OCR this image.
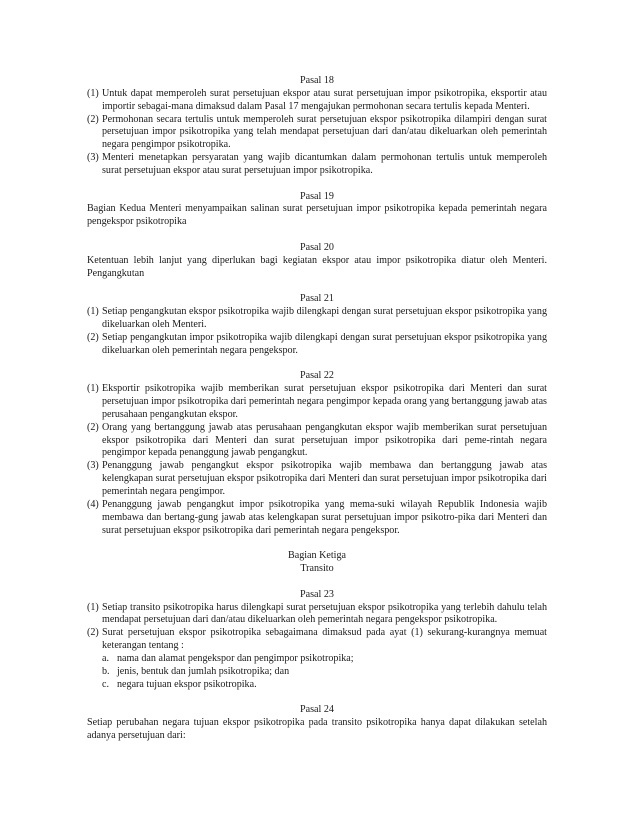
Pasal 18
(1) Untuk dapat memperoleh surat persetujuan ekspor atau surat persetujuan impor psikotropika, eksportir atau importir sebagai-mana dimaksud dalam Pasal 17 mengajukan permohonan secara tertulis kepada Menteri.
(2) Permohonan secara tertulis untuk memperoleh surat persetujuan ekspor psikotropika dilampiri dengan surat persetujuan impor psikotropika yang telah mendapat persetujuan dari dan/atau dikeluarkan oleh pemerintah negara pengimpor psikotropika.
(3) Menteri menetapkan persyaratan yang wajib dicantumkan dalam permohonan tertulis untuk memperoleh surat persetujuan ekspor atau surat persetujuan impor psikotropika.
Pasal 19
Bagian Kedua Menteri menyampaikan salinan surat persetujuan impor psikotropika kepada pemerintah negara pengekspor psikotropika
Pasal 20
Ketentuan lebih lanjut yang diperlukan bagi kegiatan ekspor atau impor psikotropika diatur oleh Menteri. Pengangkutan
Pasal 21
(1) Setiap pengangkutan ekspor psikotropika wajib dilengkapi dengan surat persetujuan ekspor psikotropika yang dikeluarkan oleh Menteri.
(2) Setiap pengangkutan impor psikotropika wajib dilengkapi dengan surat persetujuan ekspor psikotropika yang dikeluarkan oleh pemerintah negara pengekspor.
Pasal 22
(1) Eksportir psikotropika wajib memberikan surat persetujuan ekspor psikotropika dari Menteri dan surat persetujuan impor psikotropika dari pemerintah negara pengimpor kepada orang yang bertanggung jawab atas perusahaan pengangkutan ekspor.
(2) Orang yang bertanggung jawab atas perusahaan pengangkutan ekspor wajib memberikan surat persetujuan ekspor psikotropika dari Menteri dan surat persetujuan impor psikotropika dari peme-rintah negara pengimpor kepada penanggung jawab pengangkut.
(3) Penanggung jawab pengangkut ekspor psikotropika wajib membawa dan bertanggung jawab atas kelengkapan surat persetujuan ekspor psikotropika dari Menteri dan surat persetujuan impor psikotropika dari pemerintah negara pengimpor.
(4) Penanggung jawab pengangkut impor psikotropika yang mema-suki wilayah Republik Indonesia wajib membawa dan bertang-gung jawab atas kelengkapan surat persetujuan impor psikotro-pika dari Menteri dan surat persetujuan ekspor psikotropika dari pemerintah negara pengekspor.
Bagian Ketiga
Transito
Pasal 23
(1) Setiap transito psikotropika harus dilengkapi surat persetujuan ekspor psikotropika yang terlebih dahulu telah mendapat persetujuan dari dan/atau dikeluarkan oleh pemerintah negara pengekspor psikotropika.
(2) Surat persetujuan ekspor psikotropika sebagaimana dimaksud pada ayat (1) sekurang-kurangnya memuat keterangan tentang :
a. nama dan alamat pengekspor dan pengimpor psikotropika;
b. jenis, bentuk dan jumlah psikotropika; dan
c. negara tujuan ekspor psikotropika.
Pasal 24
Setiap perubahan negara tujuan ekspor psikotropika pada transito psikotropika hanya dapat dilakukan setelah adanya persetujuan dari:
